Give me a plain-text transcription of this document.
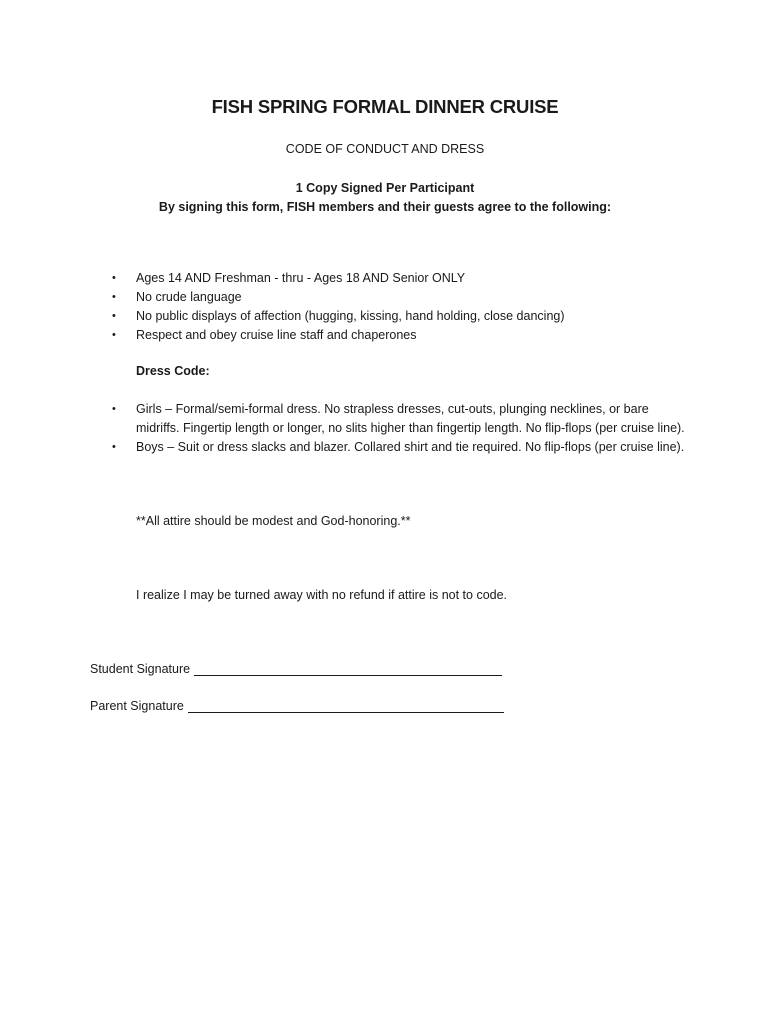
FISH SPRING FORMAL DINNER CRUISE
CODE OF CONDUCT AND DRESS
1 Copy Signed Per Participant
By signing this form, FISH members and their guests agree to the following:
• Ages 14 AND Freshman - thru - Ages 18 AND Senior ONLY
• No crude language
• No public displays of affection (hugging, kissing, hand holding, close dancing)
• Respect and obey cruise line staff and chaperones
Dress Code:
• Girls – Formal/semi-formal dress. No strapless dresses, cut-outs, plunging necklines, or bare midriffs. Fingertip length or longer, no slits higher than fingertip length. No flip-flops (per cruise line).
• Boys – Suit or dress slacks and blazer. Collared shirt and tie required. No flip-flops (per cruise line).
**All attire should be modest and God-honoring.**
I realize I may be turned away with no refund if attire is not to code.
Student Signature
Parent Signature
